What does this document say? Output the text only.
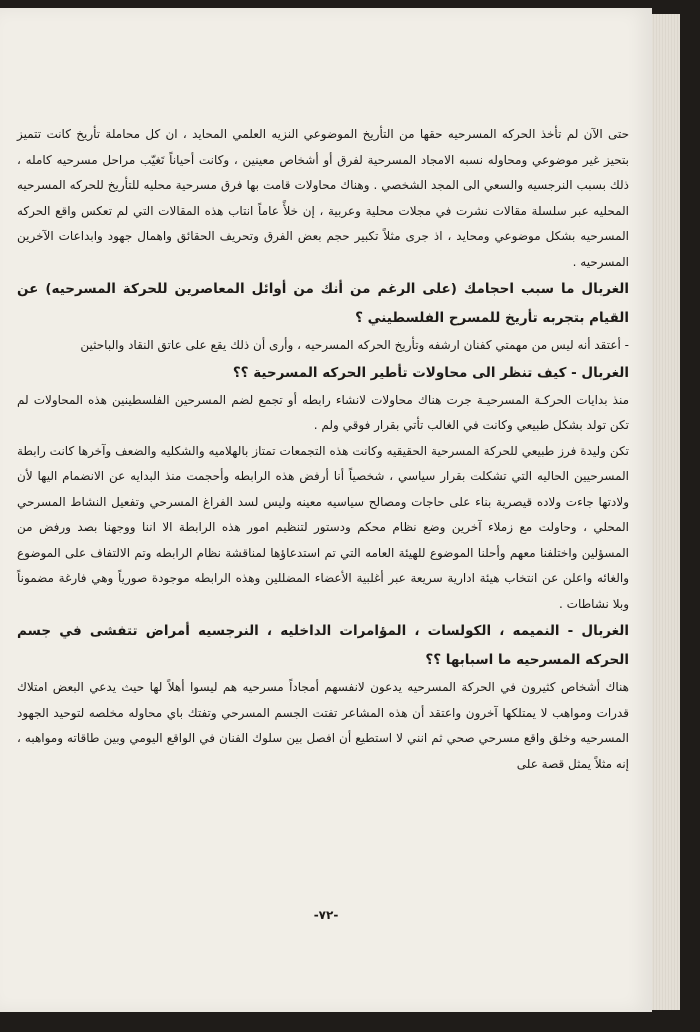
حتى الآن لم تأخذ الحركه المسرحيه حقها من التأريخ الموضوعي النزيه العلمي المحايد ، ان كل محاملة تأريخ كانت تتميز بتحيز غير موضوعي ومحاوله نسبه الامجاد المسرحية لفرق أو أشخاص معينين ، وكانت أحياناً تَغيّب مراحل مسرحيه كامله ، ذلك بسبب النرجسيه والسعي الى المجد الشخصي . وهناك محاولات قامت بها فرق مسرحية محليه للتأريخ للحركه المسرحيه المحليه عبر سلسلة مقالات نشرت في مجلات محلية وعربية ، إن خلأً عاماً انتاب هذه المقالات التي لم تعكس واقع الحركه المسرحيه بشكل موضوعي ومحايد ، اذ جرى مثلاً تكبير حجم بعض الفرق وتحريف الحقائق واهمال جهود وابداعات الآخرين المسرحيه .

الغربال ما سبب احجامك (على الرغم من أنك من أوائل المعاصرين للحركة المسرحيه) عن القيام بتجربه تأريخ للمسرح الفلسطيني ؟

- أعتقد أنه ليس من مهمتي كفنان ارشفه وتأريخ الحركه المسرحيه ، وأرى أن ذلك يقع على عاتق النقاد والباحثين

الغربال - كيف تنظر الى محاولات تأطير الحركه المسرحية ؟؟

منذ بدايات الحركـة المسرحيـة جرت هناك محاولات لانشاء رابطه أو تجمع لضم المسرحين الفلسطينين هذه المحاولات لم تكن تولد بشكل طبيعي وكانت في الغالب تأتي بقرار فوقي ولم .

تكن وليدة فرز طبيعي للحركة المسرحية الحقيقيه وكانت هذه التجمعات تمتاز بالهلاميه والشكليه والضعف وآخرها كانت رابطة المسرحيين الحاليه التي تشكلت بقرار سياسي ، شخصياً أنا أرفض هذه الرابطه وأحجمت منذ البدايه عن الانضمام اليها لأن ولادتها جاءت ولاده قيصرية بناء على حاجات ومصالح سياسيه معينه وليس لسد الفراغ المسرحي وتفعيل النشاط المسرحي المحلي ، وحاولت مع زملاء آخرين وضع نظام محكم ودستور لتنظيم امور هذه الرابطة الا اننا ووجهنا بصد ورفض من المسؤلين واختلفنا معهم وأحلنا الموضوع للهيئة العامه التي تم استدعاؤها لمناقشة نظام الرابطه وتم الالتفاف على الموضوع والغائه واعلن عن انتخاب هيئة ادارية سريعة عبر أغلبية الأعضاء المضللين وهذه الرابطه موجودة صورياً وهي فارغة مضموناً وبلا نشاطات .

الغربال - النميمه ، الكولسات ، المؤامرات الداخليه ، النرجسيه أمراض تتفشى في جسم الحركه المسرحيه ما اسبابها ؟؟

هناك أشخاص كثيرون في الحركة المسرحيه يدعون لانفسهم أمجاداً مسرحيه هم ليسوا أهلاً لها حيث يدعي البعض امتلاك قدرات ومواهب لا يمتلكها آخرون واعتقد أن هذه المشاعر تفتت الجسم المسرحي وتفتك باي محاوله مخلصه لتوحيد الجهود المسرحيه وخلق واقع مسرحي صحي ثم انني لا استطيع أن افصل بين سلوك الفنان في الواقع اليومي وبين طاقاته ومواهبه ، إنه مثلاً يمثل قصة على

-٧٢-
